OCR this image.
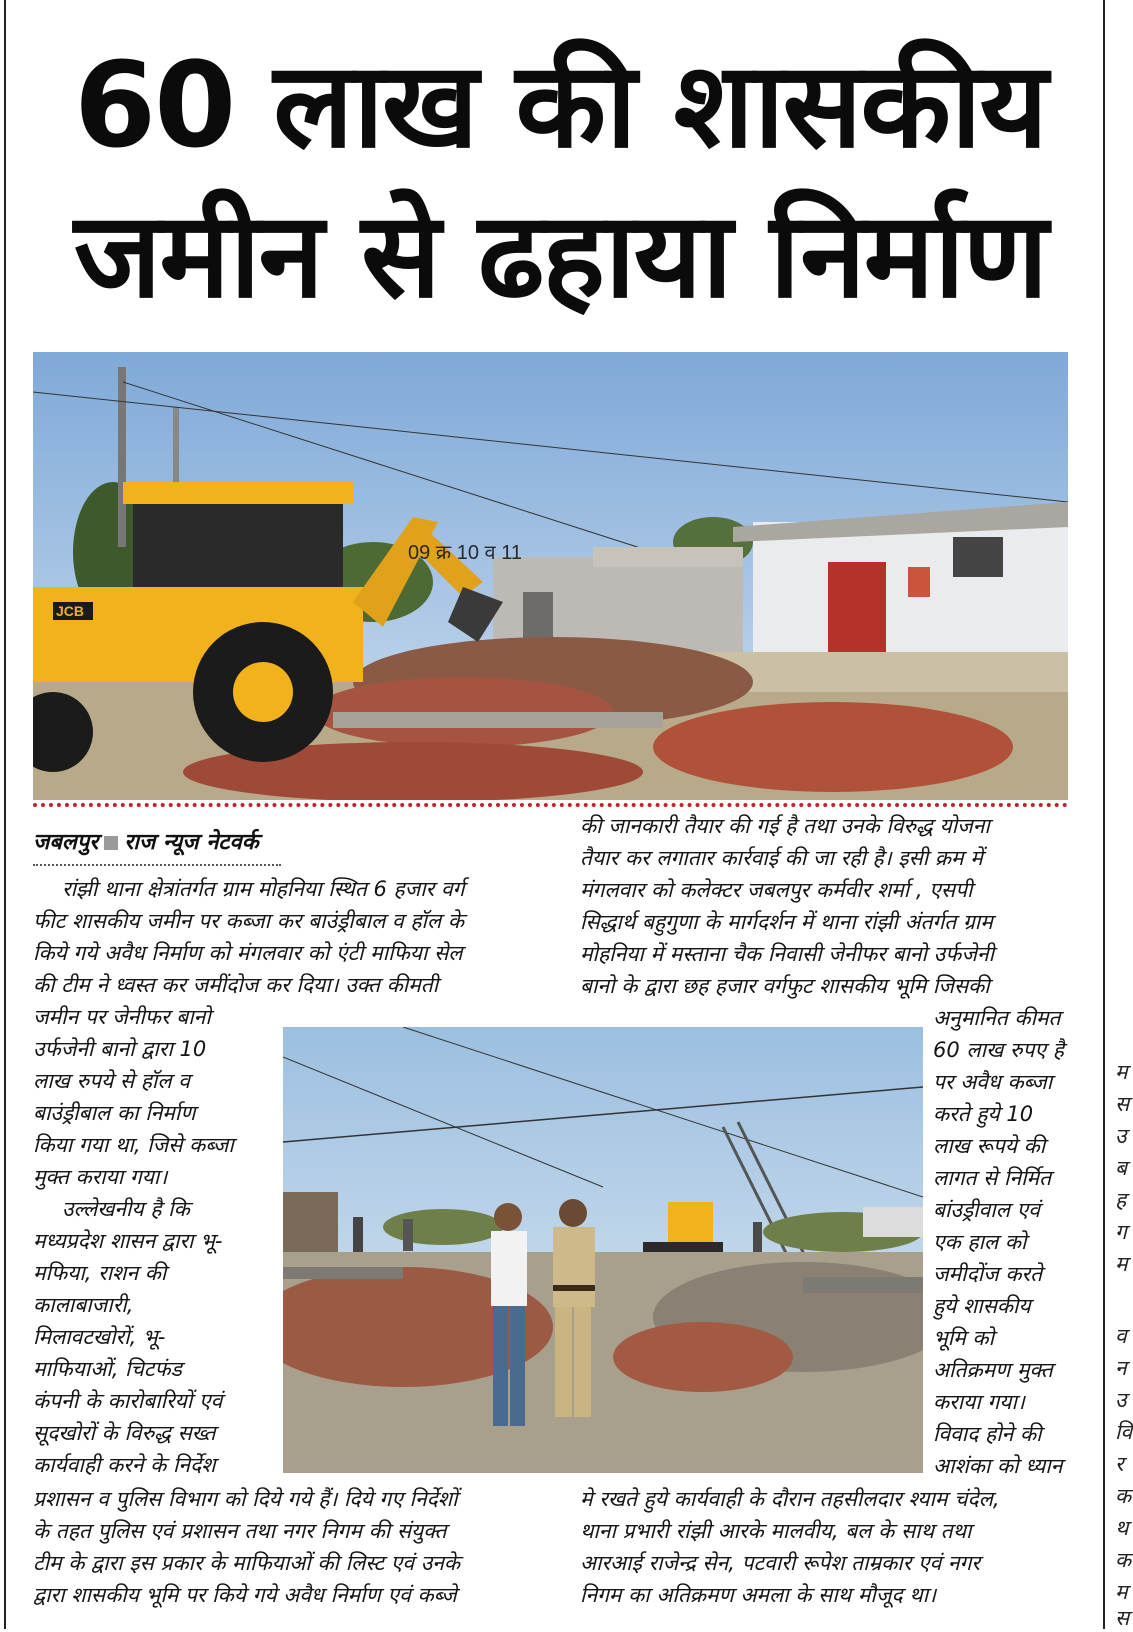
60 लाख की शासकीय
जमीन से ढहाया निर्माण
JCB
09 क्र 10 व 11
जबलपुर राज न्यूज नेटवर्क
रांझी थाना क्षेत्रांतर्गत ग्राम मोहनिया स्थित 6 हजार वर्ग
फीट शासकीय जमीन पर कब्जा कर बाउंड्रीबाल व हॉल के
किये गये अवैध निर्माण को मंगलवार को एंटी माफिया सेल
की टीम ने ध्वस्त कर जमींदोज कर दिया। उक्त कीमती
जमीन पर जेनीफर बानो
उर्फजेनी बानो द्वारा 10
लाख रुपये से हॉल व
बाउंड्रीबाल का निर्माण
किया गया था, जिसे कब्जा
मुक्त कराया गया।
उल्लेखनीय है कि
मध्यप्रदेश शासन द्वारा भू-
मफिया, राशन की
कालाबाजारी,
मिलावटखोरों, भू-
माफियाओं, चिटफंड
कंपनी के कारोबारियों एवं
सूदखोरों के विरुद्ध सख्त
कार्यवाही करने के निर्देश
प्रशासन व पुलिस विभाग को दिये गये हैं। दिये गए निर्देशों
के तहत पुलिस एवं प्रशासन तथा नगर निगम की संयुक्त
टीम के द्वारा इस प्रकार के माफियाओं की लिस्ट एवं उनके
द्वारा शासकीय भूमि पर किये गये अवैध निर्माण एवं कब्जे
की जानकारी तैयार की गई है तथा उनके विरुद्ध योजना
तैयार कर लगातार कार्रवाई की जा रही है। इसी क्रम में
मंगलवार को कलेक्टर जबलपुर कर्मवीर शर्मा , एसपी
सिद्धार्थ बहुगुणा के मार्गदर्शन में थाना रांझी अंतर्गत ग्राम
मोहनिया में मस्ताना चैक निवासी जेनीफर बानो उर्फजेनी
बानो के द्वारा छह हजार वर्गफुट शासकीय भूमि जिसकी
अनुमानित कीमत
60 लाख रुपए है
पर अवैध कब्जा
करते हुये 10
लाख रूपये की
लागत से निर्मित
बांउड्रीवाल एवं
एक हाल को
जमीदोंज करते
हुये शासकीय
भूमि को
अतिक्रमण मुक्त
कराया गया।
विवाद होने की
आशंका को ध्यान
मे रखते हुये कार्यवाही के दौरान तहसीलदार श्याम चंदेल,
थाना प्रभारी रांझी आरके मालवीय, बल के साथ तथा
आरआई राजेन्द्र सेन, पटवारी रूपेश ताम्रकार एवं नगर
निगम का अतिक्रमण अमला के साथ मौजूद था।
म
स
उ
ब
ह
ग
म
व
न
उ
वि
र
क
थ
क
म
स
